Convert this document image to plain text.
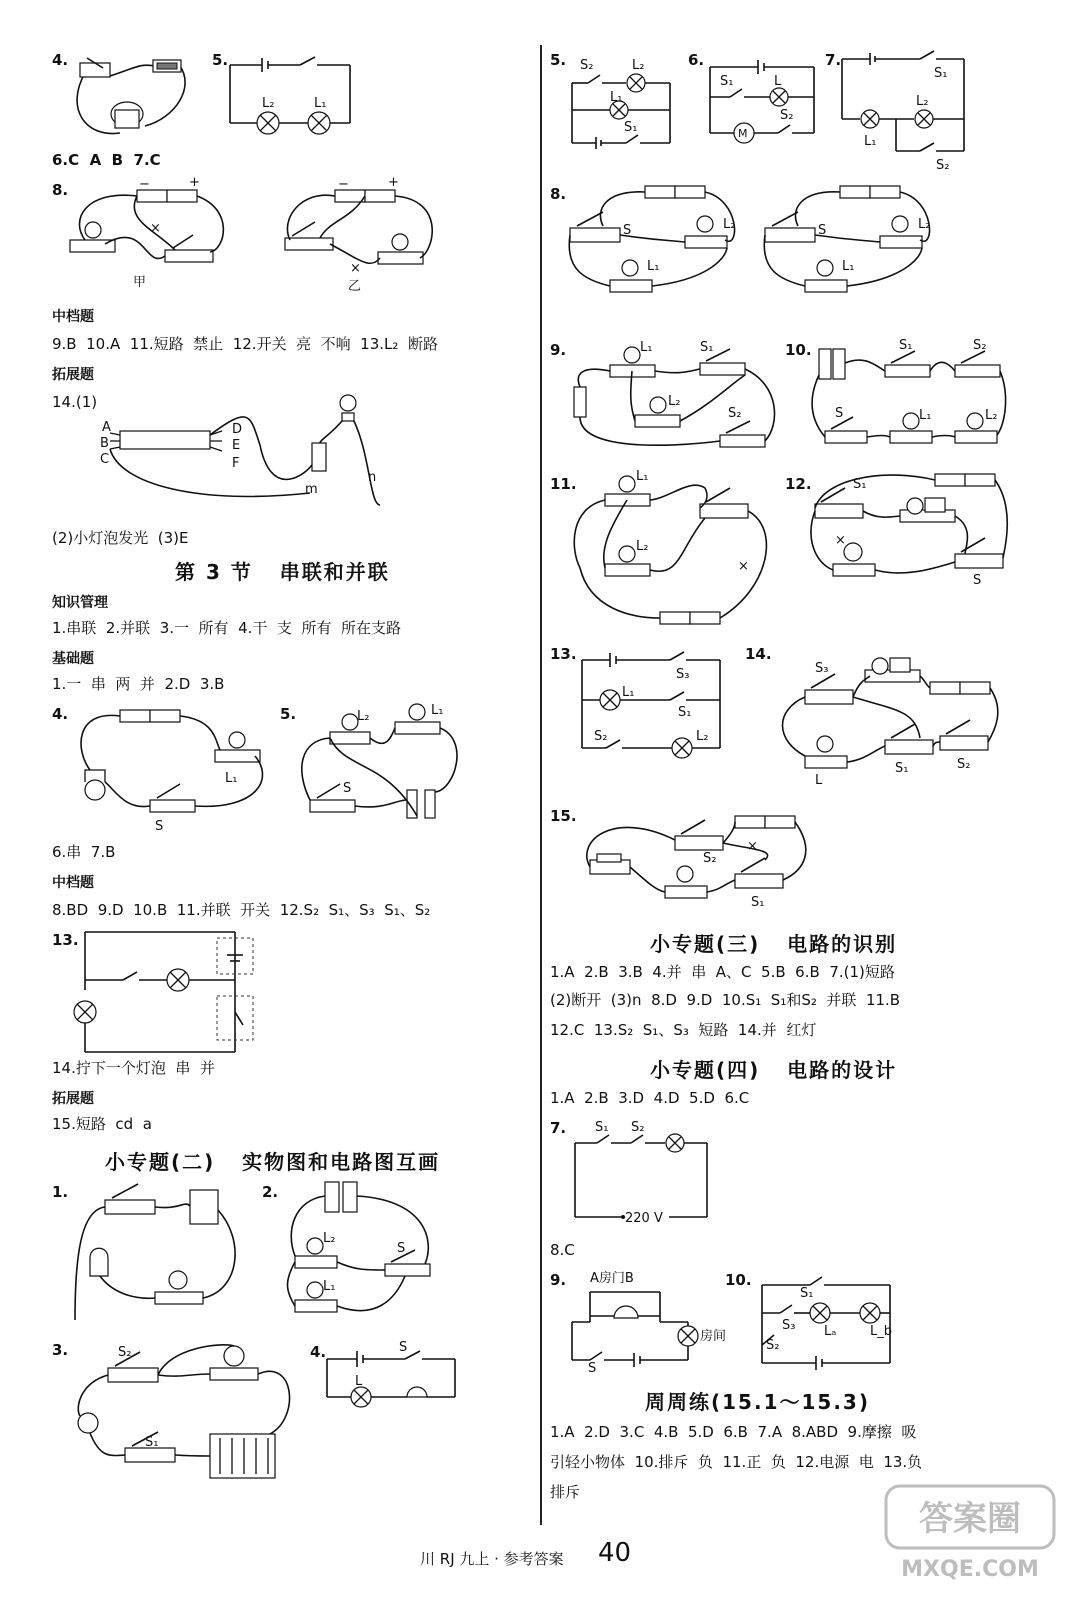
4.	5.
L₂	L₁
6.C  A  B  7.C
8.	−	+
×
甲
−	+
×
乙
中档题
9.B  10.A  11.短路  禁止  12.开关  亮  不响  13.L₂  断路
拓展题
14.(1)
A
B
C
D
E
F
m
n
(2)小灯泡发光  (3)E
第 3 节   串联和并联
知识管理
1.串联  2.并联  3.一  所有  4.干  支  所有  所在支路
基础题
1.一  串  两  并  2.D  3.B
4.
L₁
S
5.	L₂	L₁
S
6.串  7.B
中档题
8.BD  9.D  10.B  11.并联  开关  12.S₂  S₁、S₃  S₁、S₂
13.
14.拧下一个灯泡  串  并
拓展题
15.短路  cd  a
小专题(二)   实物图和电路图互画
1.	2.
L₂
L₁
S
3.	S₂
S₁
4.	S
L
5. S₂	L₂
L₁
S₁
6.
S₁	L
M
S₂
7.
S₁
L₂
L₁
S₂
8.
S	L₂
L₁
S	L₂
L₁
9.	L₁	S₁
L₂
S₂
10.	S₁	S₂
S	L₁	L₂
11.
×
L₁
L₂
12.
×
S₁
S
13.
S₃
L₁
S₁
S₂	L₂
14.
S₃
S₁	S₂
L
15.
×
S₂
S₁
小专题(三)   电路的识别
1.A  2.B  3.B  4.并  串  A、C  5.B  6.B  7.(1)短路
(2)断开  (3)n  8.D  9.D  10.S₁  S₁和S₂  并联  11.B
12.C  13.S₂  S₁、S₃  短路  14.并  红灯
小专题(四)   电路的设计
1.A  2.B  3.D  4.D  5.D  6.C
7. S₁ S₂
220 V
8.C
9. A房门B
房间
S
10.
S₁
S₃
S₂
Lₐ	L_b
周周练(15.1～15.3)
1.A  2.D  3.C  4.B  5.D  6.B  7.A  8.ABD  9.摩擦  吸
引轻小物体  10.排斥  负  11.正  负  12.电源  电  13.负
排斥
川 RJ 九上 · 参考答案 40
答案圈
MXQE.COM
